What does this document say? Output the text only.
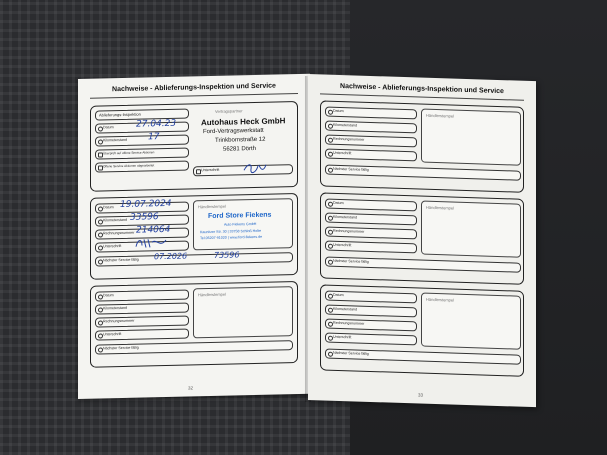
Nachweise - Ablieferungs-Inspektion und Service
Ablieferungs-Inspektion
Datum 27.04.23
Kilometerstand 17
Überprüft auf offene Service Aktionen
Offene Service Aktionen abgearbeitet
Unterschrift
Vertragspartner
Autohaus Heck GmbH
Ford-Vertragswerkstatt
Trinkbornstraße 12
56281 Dörth
Datum 19.07.2024
Kilometerstand 33596
Rechnungsnummer 214064
Unterschrift
Nächster Service fällig 07.2026	73596
Händlerstempel
Ford Store Fiekens
Auto Fiekens GmbH
Kaunitzer Str. 30 | 33758 Schloß Holte
Tel.05207-91020 | www.ford-fiekens.de
Datum
Kilometerstand
Rechnungsnummer
Unterschrift
Nächster Service fällig
Händlerstempel
32
Nachweise - Ablieferungs-Inspektion und Service
Datum
Kilometerstand
Rechnungsnummer
Unterschrift
Nächster Service fällig
Händlerstempel
Datum
Kilometerstand
Rechnungsnummer
Unterschrift
Nächster Service fällig
Händlerstempel
Datum
Kilometerstand
Rechnungsnummer
Unterschrift
Nächster Service fällig
Händlerstempel
33
